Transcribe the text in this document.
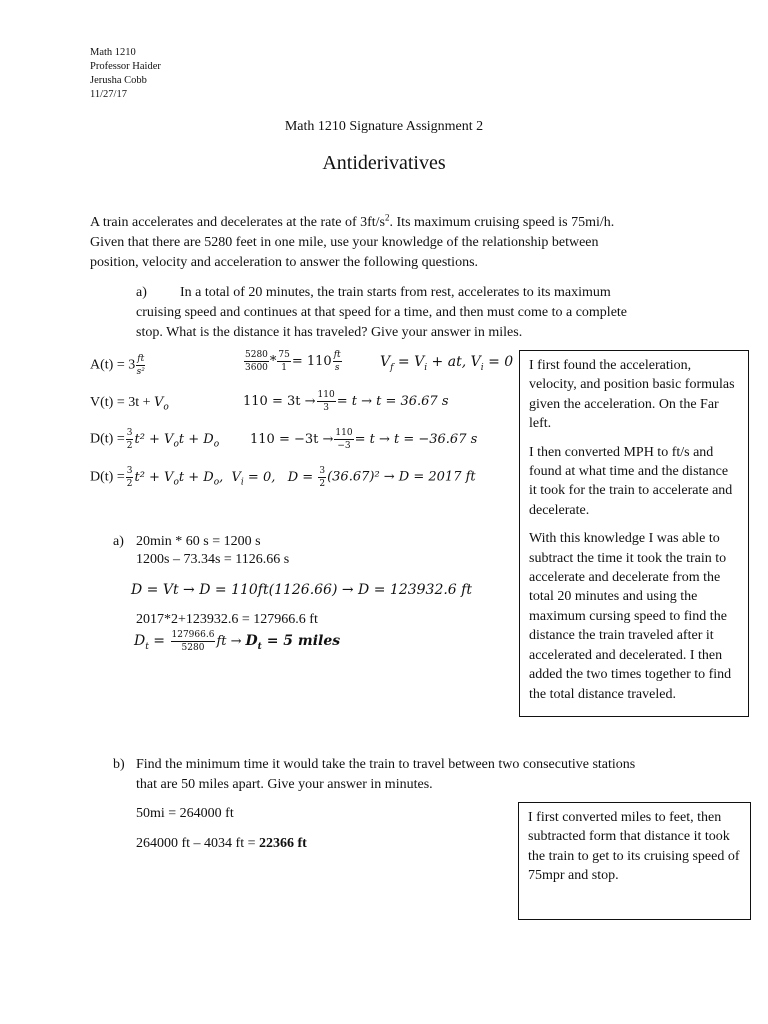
Math 1210
Professor Haider
Jerusha Cobb
11/27/17
Math 1210 Signature Assignment 2
Antiderivatives
A train accelerates and decelerates at the rate of $3ft/s^2$. Its maximum cruising speed is 75mi/h.
Given that there are 5280 feet in one mile, use your knowledge of the relationship between
position, velocity and acceleration to answer the following questions.
a) In a total of 20 minutes, the train starts from rest, accelerates to its maximum
cruising speed and continues at that speed for a time, and then must come to a complete
stop. What is the distance it has traveled? Give your answer in miles.
$A(t) = 3 \frac{ft}{\text{s²}}$
$V(t) = 3t + V_o$
$D(t) = \frac{3}{2} t^2 + V_ot + D_o$
$D(t) = \frac{3}{2} t^2 + V_ot + D_o$,  $V_i = 0$,   $D = \frac{3}{2} (36.67)^2 \to D = 2017$ ft
$\frac{5280}{3600} * \frac{75}{1} = 110 \frac{ft}{s}$	$V_f = V_i$ + at, $V_i = 0$
$110 = 3t \to \frac{110}{3} = t \to t = 36.67$ s
$110 = -3t \to \frac{110}{-3} = t \to t = -36.67$ s

I first found the acceleration, velocity, and position basic formulas given the acceleration. On the Far left.

I then converted MPH to ft/s and found at what time and the distance it took for the train to accelerate and decelerate.

With this knowledge I was able to subtract the time it took the train to accelerate and decelerate from the total 20 minutes and using the maximum cursing speed to find the distance the train traveled after it accelerated and decelerated. I then added the two times together to find the total distance traveled.

a) 20min * 60 s = 1200 s
1200s – 73.34s = 1126.66 s
D = Vt → D = 110ft(1126.66) → D = 123932.6 ft
2017*2+123932.6 = 127966.6 ft
$D_t = \frac{127966.6}{5280}$ ft → $D_t = 5$ miles
b) Find the minimum time it would take the train to travel between two consecutive stations
that are 50 miles apart. Give your answer in minutes.
50mi = 264000 ft
264000 ft – 4034 ft = 22366 ft

I first converted miles to feet, then subtracted form that distance it took the train to get to its cruising speed of 75mpr and stop.
